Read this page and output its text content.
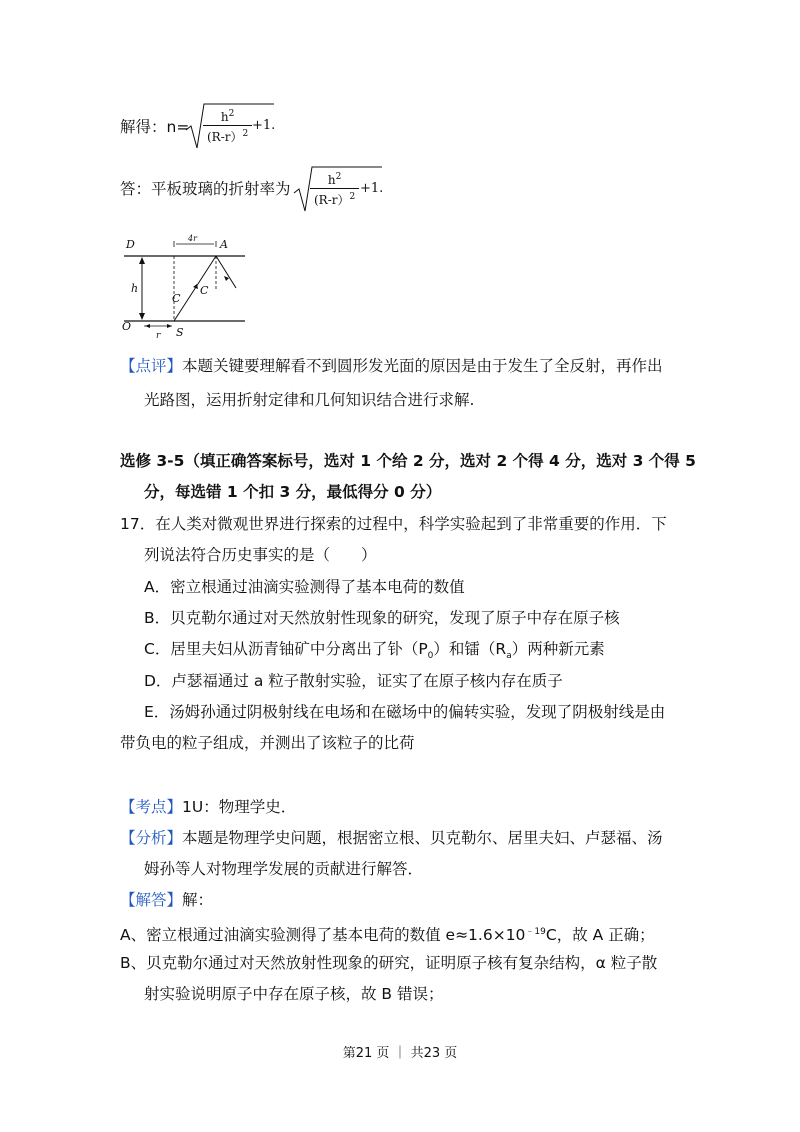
解得：$n= \frac{h^2}{(R-r)^2} +1$.
答：平板玻璃的折射率为 $\frac{h^2}{(R-r)^2} +1$.
D	A
h
C
C
O	S
r
4r
【点评】本题关键要理解看不到圆形发光面的原因是由于发生了全反射，再作出
光路图，运用折射定律和几何知识结合进行求解.
选修 3-5（填正确答案标号，选对 1 个给 2 分，选对 2 个得 4 分，选对 3 个得 5
分，每选错 1 个扣 3 分，最低得分 0 分）
17．在人类对微观世界进行探索的过程中，科学实验起到了非常重要的作用．下
列说法符合历史事实的是（　　）
A．密立根通过油滴实验测得了基本电荷的数值
B．贝克勒尔通过对天然放射性现象的研究，发现了原子中存在原子核
C．居里夫妇从沥青铀矿中分离出了钋$(P_0)$和镭$(R_a)$两种新元素
D．卢瑟福通过 a 粒子散射实验，证实了在原子核内存在质子
E．汤姆孙通过阴极射线在电场和在磁场中的偏转实验，发现了阴极射线是由
带负电的粒子组成，并测出了该粒子的比荷
【考点】1U：物理学史．
【分析】本题是物理学史问题，根据密立根、贝克勒尔、居里夫妇、卢瑟福、汤
姆孙等人对物理学发展的贡献进行解答．
【解答】解：
A、密立根通过油滴实验测得了基本电荷的数值 $e\approx 1.6\times 10^{﹣19}C$，故 A 正确；
B、贝克勒尔通过对天然放射性现象的研究，证明原子核有复杂结构，α 粒子散
射实验说明原子中存在原子核，故 B 错误；
第21 页 ｜ 共23 页
